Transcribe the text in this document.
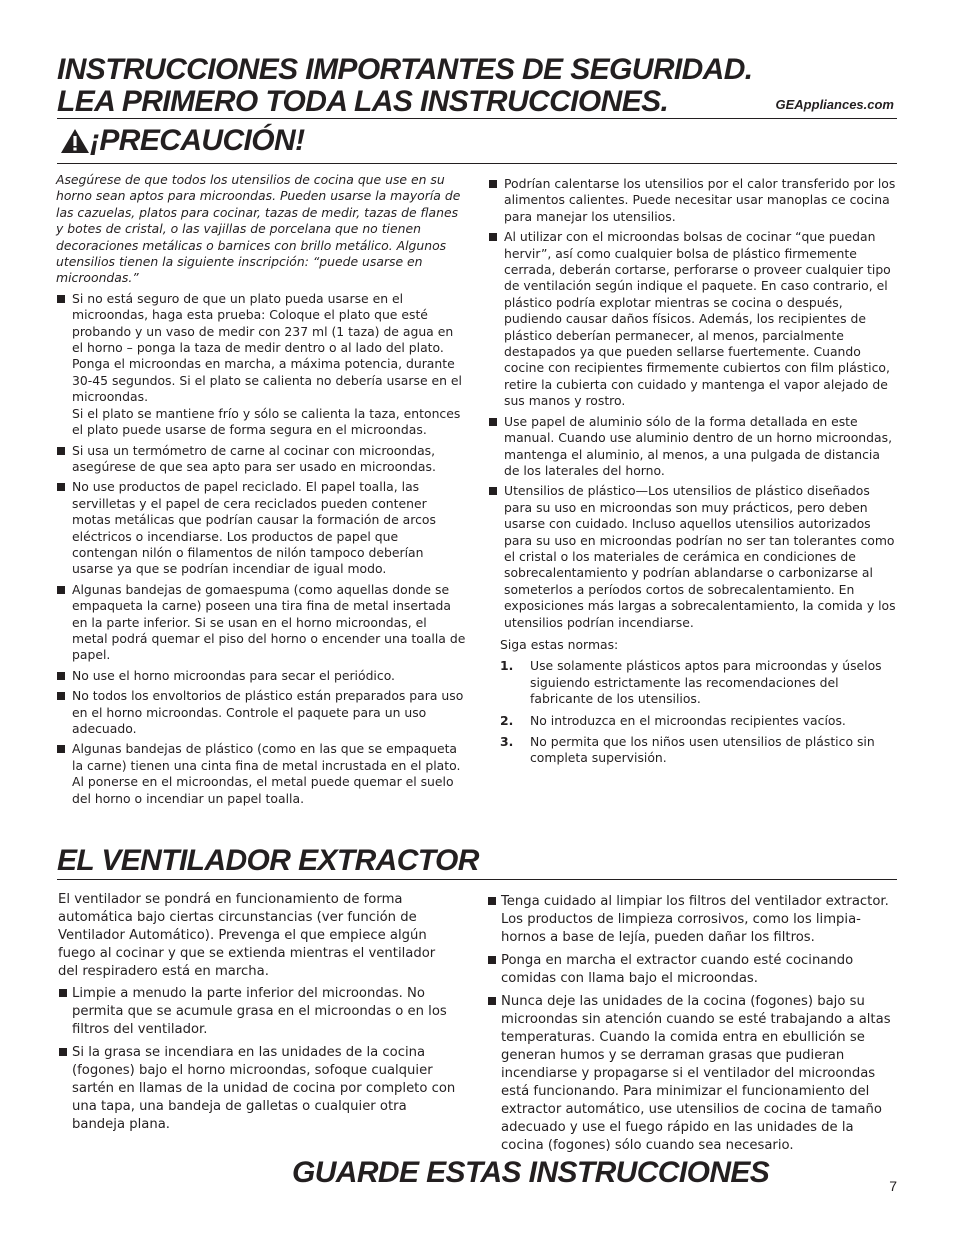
INSTRUCCIONES IMPORTANTES DE SEGURIDAD.
LEA PRIMERO TODA LAS INSTRUCCIONES.	GEAppliances.com
¡PRECAUCIÓN!

Asegúrese de que todos los utensilios de cocina que use en su horno sean aptos para microondas. Pueden usarse la mayoría de las cazuelas, platos para cocinar, tazas de medir, tazas de flanes y botes de cristal, o las vajillas de porcelana que no tienen decoraciones metálicas o barnices con brillo metálico. Algunos utensilios tienen la siguiente inscripción: “puede usarse en microondas.”

Si no está seguro de que un plato pueda usarse en el microondas, haga esta prueba: Coloque el plato que esté probando y un vaso de medir con 237 ml (1 taza) de agua en el horno – ponga la taza de medir dentro o al lado del plato. Ponga el microondas en marcha, a máxima potencia, durante 30-45 segundos. Si el plato se calienta no debería usarse en el microondas.

Si el plato se mantiene frío y sólo se calienta la taza, entonces el plato puede usarse de forma segura en el microondas.

Si usa un termómetro de carne al cocinar con microondas, asegúrese de que sea apto para ser usado en microondas.
No use productos de papel reciclado. El papel toalla, las servilletas y el papel de cera reciclados pueden contener motas metálicas que podrían causar la formación de arcos eléctricos o incendiarse. Los productos de papel que contengan nilón o filamentos de nilón tampoco deberían usarse ya que se podrían incendiar de igual modo.
Algunas bandejas de gomaespuma (como aquellas donde se empaqueta la carne) poseen una tira fina de metal insertada en la parte inferior. Si se usan en el horno microondas, el metal podrá quemar el piso del horno o encender una toalla de papel.
No use el horno microondas para secar el periódico.
No todos los envoltorios de plástico están preparados para uso en el horno microondas. Controle el paquete para un uso adecuado.
Algunas bandejas de plástico (como en las que se empaqueta la carne) tienen una cinta fina de metal incrustada en el plato. Al ponerse en el microondas, el metal puede quemar el suelo del horno o incendiar un papel toalla.
Podrían calentarse los utensilios por el calor transferido por los alimentos calientes. Puede necesitar usar manoplas ce cocina para manejar los utensilios.
Al utilizar con el microondas bolsas de cocinar “que puedan hervir”, así como cualquier bolsa de plástico firmemente cerrada, deberán cortarse, perforarse o proveer cualquier tipo de ventilación según indique el paquete. En caso contrario, el plástico podría explotar mientras se cocina o después, pudiendo causar daños físicos. Además, los recipientes de plástico deberían permanecer, al menos, parcialmente destapados ya que pueden sellarse fuertemente. Cuando cocine con recipientes firmemente cubiertos con film plástico, retire la cubierta con cuidado y mantenga el vapor alejado de sus manos y rostro.
Use papel de aluminio sólo de la forma detallada en este manual. Cuando use aluminio dentro de un horno microondas, mantenga el aluminio, al menos, a una pulgada de distancia de los laterales del horno.
Utensilios de plástico—Los utensilios de plástico diseñados para su uso en microondas son muy prácticos, pero deben usarse con cuidado. Incluso aquellos utensilios autorizados para su uso en microondas podrían no ser tan tolerantes como el cristal o los materiales de cerámica en condiciones de sobrecalentamiento y podrían ablandarse o carbonizarse al someterlos a períodos cortos de sobrecalentamiento. En exposiciones más largas a sobrecalentamiento, la comida y los utensilios podrían incendiarse.

Siga estas normas:

1. Use solamente plásticos aptos para microondas y úselos siguiendo estrictamente las recomendaciones del fabricante de los utensilios.
2. No introduzca en el microondas recipientes vacíos.
3. No permita que los niños usen utensilios de plástico sin completa supervisión.
EL VENTILADOR EXTRACTOR

El ventilador se pondrá en funcionamiento de forma automática bajo ciertas circunstancias (ver función de Ventilador Automático). Prevenga el que empiece algún fuego al cocinar y que se extienda mientras el ventilador del respiradero está en marcha.

Limpie a menudo la parte inferior del microondas. No permita que se acumule grasa en el microondas o en los filtros del ventilador.
Si la grasa se incendiara en las unidades de la cocina (fogones) bajo el horno microondas, sofoque cualquier sartén en llamas de la unidad de cocina por completo con una tapa, una bandeja de galletas o cualquier otra bandeja plana.
Tenga cuidado al limpiar los filtros del ventilador extractor. Los productos de limpieza corrosivos, como los limpia-hornos a base de lejía, pueden dañar los filtros.
Ponga en marcha el extractor cuando esté cocinando comidas con llama bajo el microondas.
Nunca deje las unidades de la cocina (fogones) bajo su microondas sin atención cuando se esté trabajando a altas temperaturas. Cuando la comida entra en ebullición se generan humos y se derraman grasas que pudieran incendiarse y propagarse si el ventilador del microondas está funcionando. Para minimizar el funcionamiento del extractor automático, use utensilios de cocina de tamaño adecuado y use el fuego rápido en las unidades de la cocina (fogones) sólo cuando sea necesario.
GUARDE ESTAS INSTRUCCIONES	7
